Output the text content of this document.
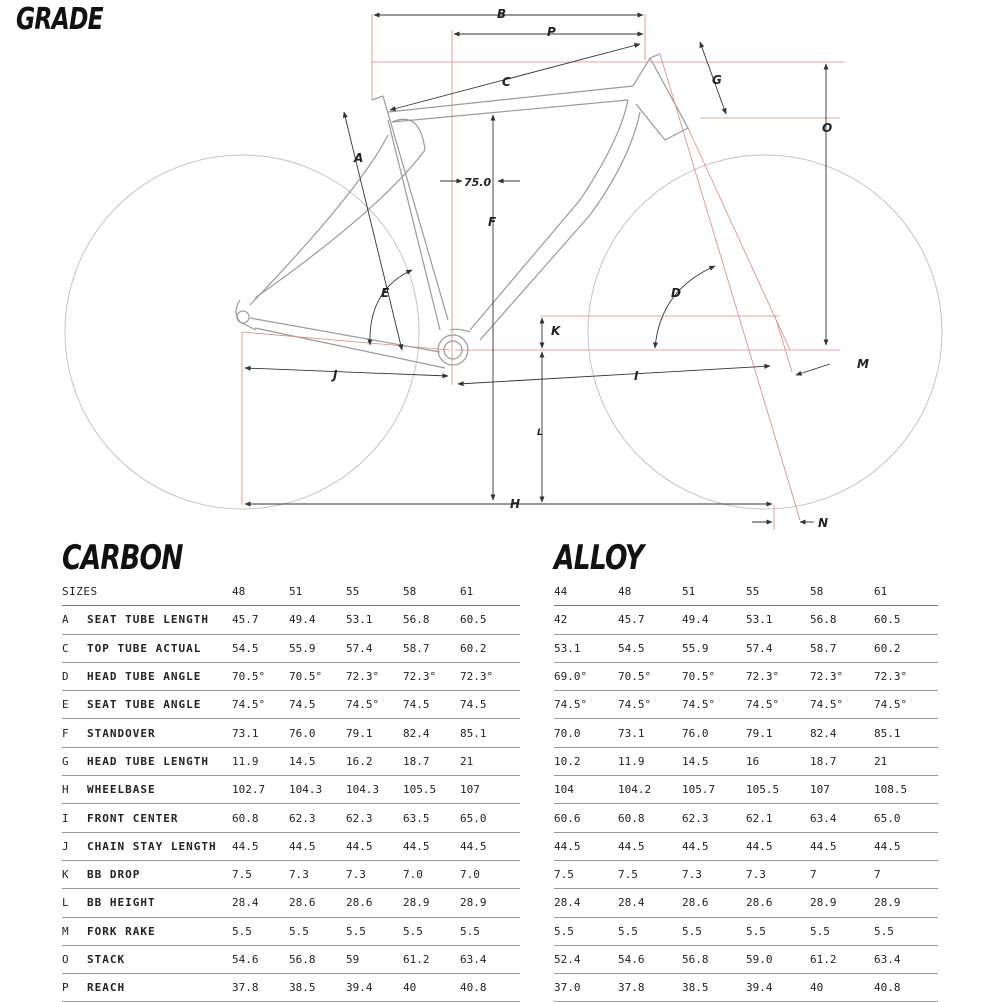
GRADE	B
P
C	G
O
A
75.0
F
E	D
K
J	I
M
L
H
N
CARBON	ALLOY
SIZES		48	51	55	58	61
A	SEAT TUBE LENGTH	45.7	49.4	53.1	56.8	60.5
C	TOP TUBE ACTUAL	54.5	55.9	57.4	58.7	60.2
D	HEAD TUBE ANGLE	70.5°	70.5°	72.3°	72.3°	72.3°
E	SEAT TUBE ANGLE	74.5°	74.5	74.5°	74.5	74.5
F	STANDOVER	73.1	76.0	79.1	82.4	85.1
G	HEAD TUBE LENGTH	11.9	14.5	16.2	18.7	21
H	WHEELBASE	102.7	104.3	104.3	105.5	107
I	FRONT CENTER	60.8	62.3	62.3	63.5	65.0
J	CHAIN STAY LENGTH	44.5	44.5	44.5	44.5	44.5
K	BB DROP	7.5	7.3	7.3	7.0	7.0
L	BB HEIGHT	28.4	28.6	28.6	28.9	28.9
M	FORK RAKE	5.5	5.5	5.5	5.5	5.5
O	STACK	54.6	56.8	59	61.2	63.4
P	REACH	37.8	38.5	39.4	40	40.8
44	48	51	55	58	61
42	45.7	49.4	53.1	56.8	60.5
53.1	54.5	55.9	57.4	58.7	60.2
69.0°	70.5°	70.5°	72.3°	72.3°	72.3°
74.5°	74.5°	74.5°	74.5°	74.5°	74.5°
70.0	73.1	76.0	79.1	82.4	85.1
10.2	11.9	14.5	16	18.7	21
104	104.2	105.7	105.5	107	108.5
60.6	60.8	62.3	62.1	63.4	65.0
44.5	44.5	44.5	44.5	44.5	44.5
7.5	7.5	7.3	7.3	7	7
28.4	28.4	28.6	28.6	28.9	28.9
5.5	5.5	5.5	5.5	5.5	5.5
52.4	54.6	56.8	59.0	61.2	63.4
37.0	37.8	38.5	39.4	40	40.8
